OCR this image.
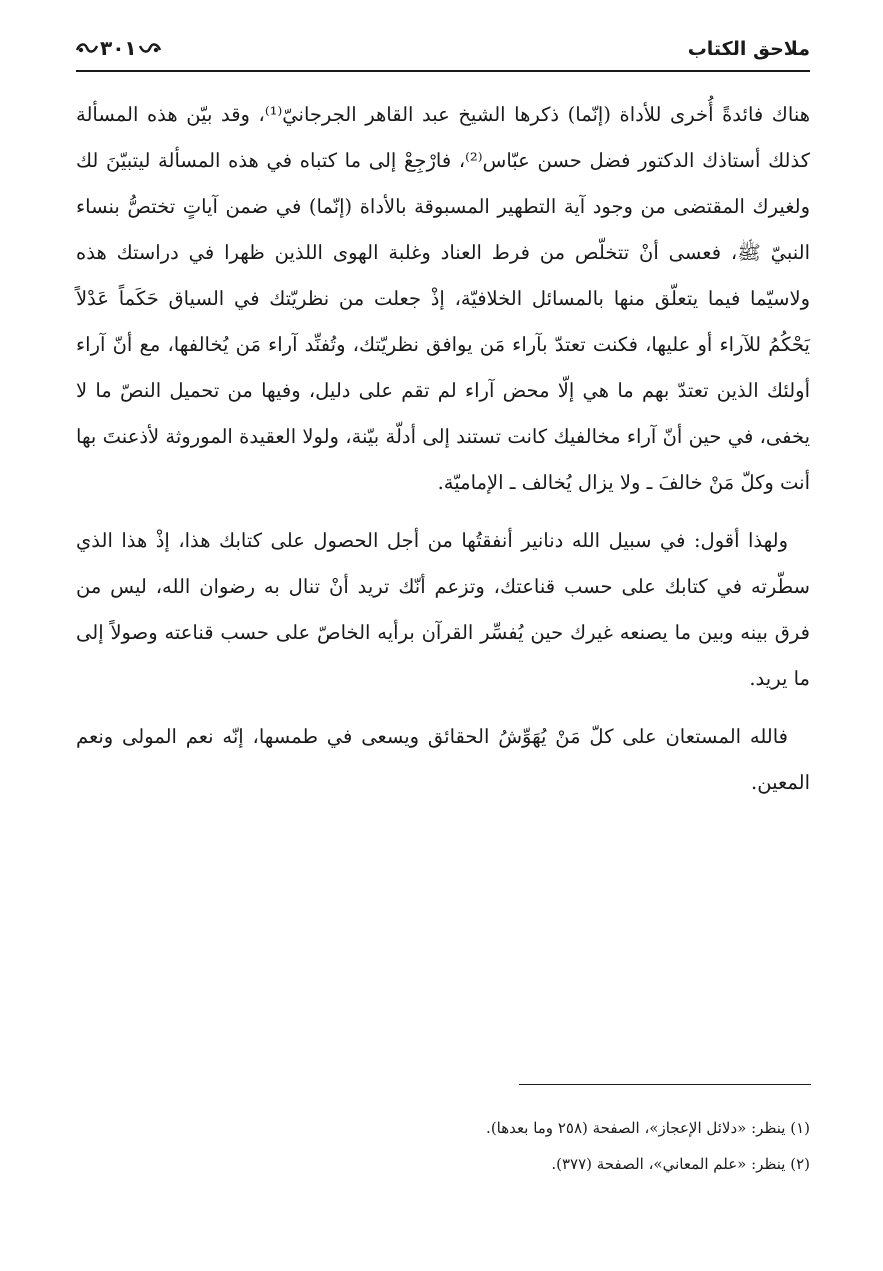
ملاحق الكتاب
٣٠١

هناك فائدةً أُخرى للأداة (إنّما) ذكرها الشيخ عبد القاهر الجرجانيّ⁽¹⁾، وقد بيّن هذه المسألة كذلك أستاذك الدكتور فضل حسن عبّاس⁽²⁾، فارْجِعْ إلى ما كتباه في هذه المسألة ليتبيّنَ لك ولغيرك المقتضى من وجود آية التطهير المسبوقة بالأداة (إنّما) في ضمن آياتٍ تختصُّ بنساء النبيّ ﷺ، فعسى أنْ تتخلّص من فرط العناد وغلبة الهوى اللذين ظهرا في دراستك هذه ولاسيّما فيما يتعلّق منها بالمسائل الخلافيّة، إذْ جعلت من نظريّتك في السياق حَكَماً عَدْلاً يَحْكُمُ للآراء أو عليها، فكنت تعتدّ بآراء مَن يوافق نظريّتك، وتُفنِّد آراء مَن يُخالفها، مع أنّ آراء أولئك الذين تعتدّ بهم ما هي إلّا محض آراء لم تقم على دليل، وفيها من تحميل النصّ ما لا يخفى، في حين أنّ آراء مخالفيك كانت تستند إلى أدلّة بيّنة، ولولا العقيدة الموروثة لأذعنتَ بها أنت وكلّ مَنْ خالفَ ـ ولا يزال يُخالف ـ الإماميّة.

ولهذا أقول: في سبيل الله دنانير أنفقتُها من أجل الحصول على كتابك هذا، إذْ هذا الذي سطّرته في كتابك على حسب قناعتك، وتزعم أنّك تريد أنْ تنال به رضوان الله، ليس من فرق بينه وبين ما يصنعه غيرك حين يُفسِّر القرآن برأيه الخاصّ على حسب قناعته وصولاً إلى ما يريد.

فالله المستعان على كلّ مَنْ يُهَوِّشُ الحقائق ويسعى في طمسها، إنّه نعم المولى ونعم المعين.

(١) ينظر: «دلائل الإعجاز»، الصفحة (٢٥٨ وما بعدها).

(٢) ينظر: «علم المعاني»، الصفحة (٣٧٧).
